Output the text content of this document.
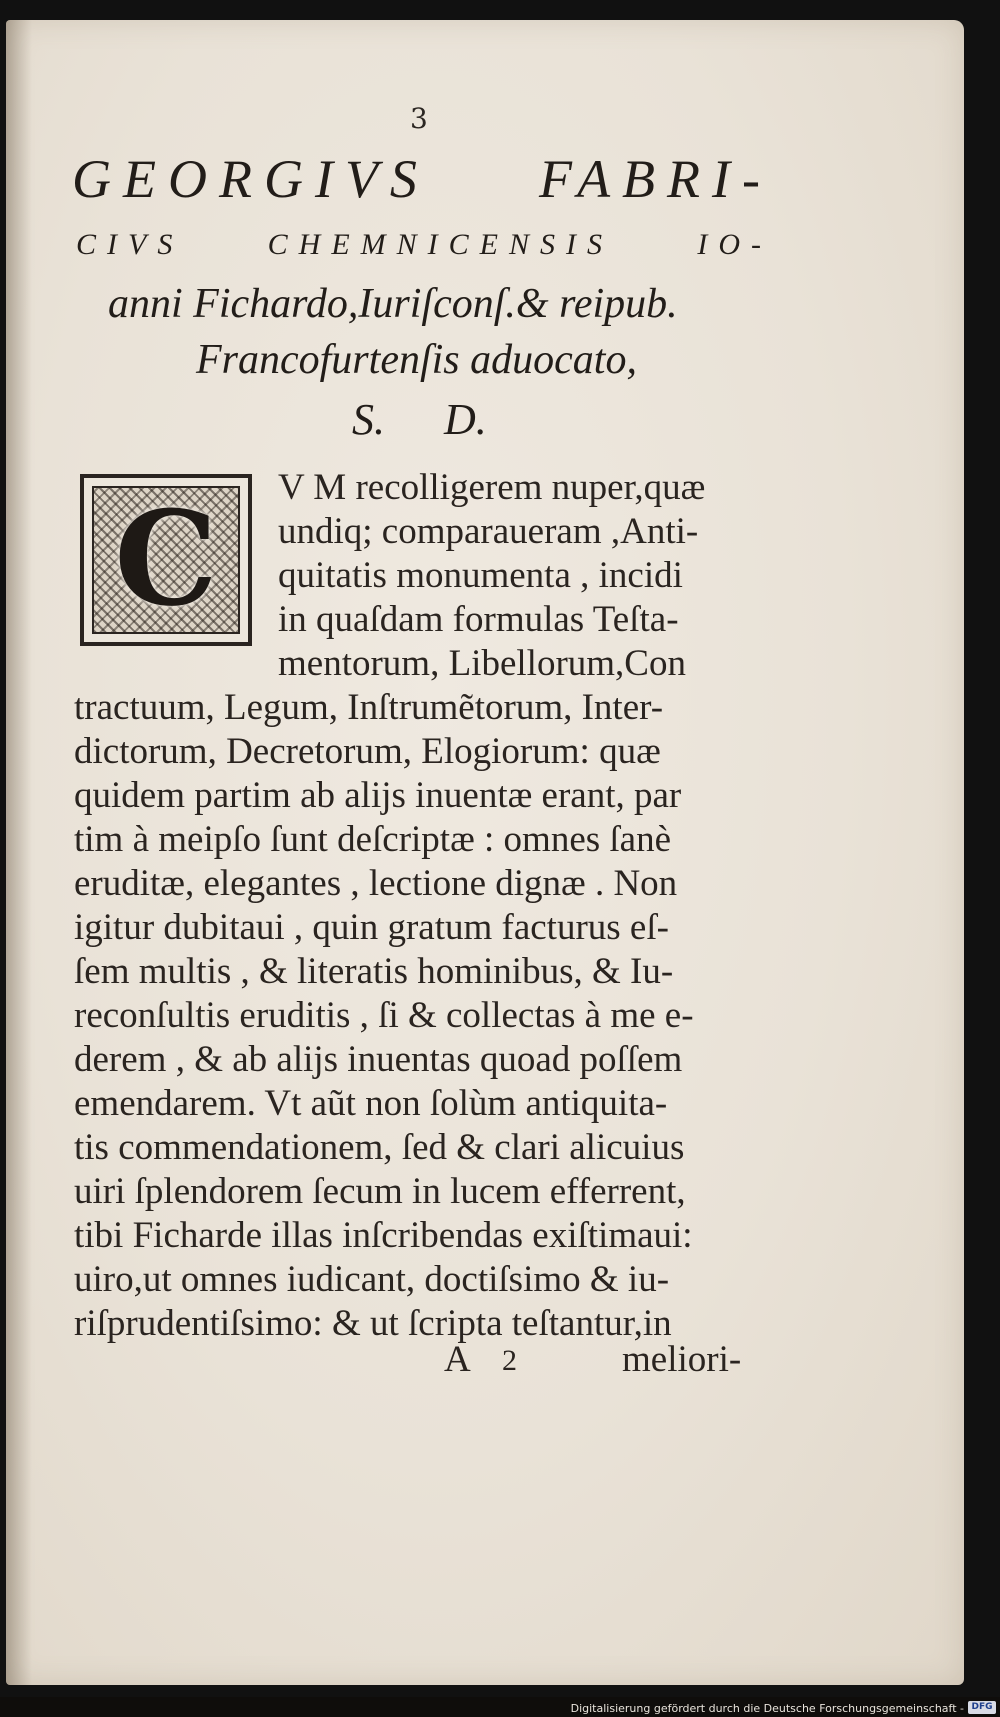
3
GEORGIVS FABRI-
CIVS	CHEMNICENSIS	IO-
anni Fichardo,Iuriſconſ.& reipub.
Francofurtenſis aduocato,
S. D.
C	V M recolligerem nuper,quæ
undiq; comparaueram ,Anti-
quitatis monumenta , incidi
in quaſdam formulas Teſta-
mentorum, Libellorum,Con
tractuum, Legum, Inſtrumẽtorum, Inter-
dictorum, Decretorum, Elogiorum: quæ
quidem partim ab alijs inuentæ erant, par
tim à meipſo ſunt deſcriptæ : omnes ſanè
eruditæ, elegantes , lectione dignæ . Non
igitur dubitaui , quin gratum facturus eſ-
ſem multis , & literatis hominibus, & Iu-
reconſultis eruditis , ſi & collectas à me e-
derem , & ab alijs inuentas quoad poſſem
emendarem. Vt aũt non ſolùm antiquita-
tis commendationem, ſed & clari alicuius
uiri ſplendorem ſecum in lucem efferrent,
tibi Ficharde illas inſcribendas exiſtimaui:
uiro,ut omnes iudicant, doctiſsimo & iu-
riſprudentiſsimo: & ut ſcripta teſtantur,in
A 2	meliori-
Digitalisierung gefördert durch die Deutsche Forschungsgemeinschaft - DFG
